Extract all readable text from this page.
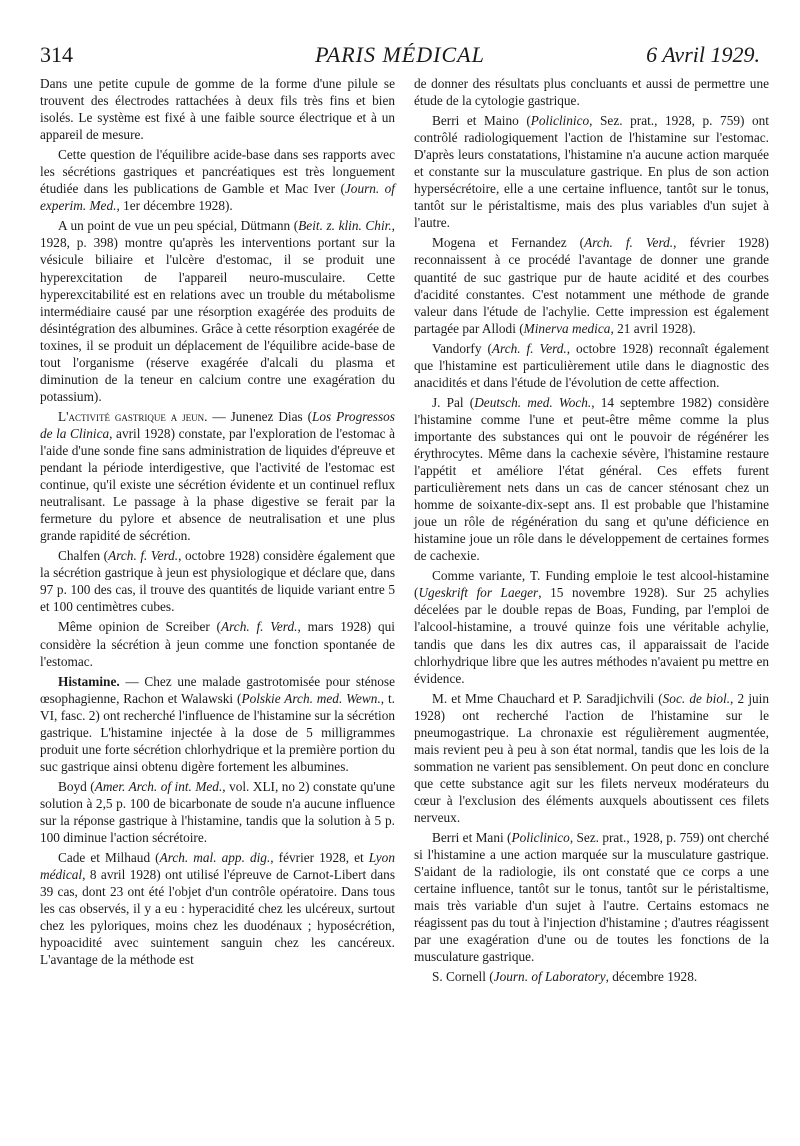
314	PARIS MÉDICAL	6 Avril 1929.

Dans une petite cupule de gomme de la forme d'une pilule se trouvent des électrodes rattachées à deux fils très fins et bien isolés. Le système est fixé à une faible source électrique et à un appareil de mesure.

Cette question de l'équilibre acide-base dans ses rapports avec les sécrétions gastriques et pancréatiques est très longuement étudiée dans les publications de Gamble et Mac Iver (Journ. of experim. Med., 1er décembre 1928).

A un point de vue un peu spécial, Dütmann (Beit. z. klin. Chir., 1928, p. 398) montre qu'après les interventions portant sur la vésicule biliaire et l'ulcère d'estomac, il se produit une hyperexcitation de l'appareil neuro-musculaire. Cette hyperexcitabilité est en relations avec un trouble du métabolisme intermédiaire causé par une résorption exagérée des produits de désintégration des albumines. Grâce à cette résorption exagérée de toxines, il se produit un déplacement de l'équilibre acide-base de tout l'organisme (réserve exagérée d'alcali du plasma et diminution de la teneur en calcium contre une exagération du potassium).

L'activité gastrique a jeun. — Junenez Dias (Los Progressos de la Clinica, avril 1928) constate, par l'exploration de l'estomac à l'aide d'une sonde fine sans administration de liquides d'épreuve et pendant la période interdigestive, que l'activité de l'estomac est continue, qu'il existe une sécrétion évidente et un continuel reflux neutralisant. Le passage à la phase digestive se ferait par la fermeture du pylore et absence de neutralisation et une plus grande rapidité de sécrétion.

Chalfen (Arch. f. Verd., octobre 1928) considère également que la sécrétion gastrique à jeun est physiologique et déclare que, dans 97 p. 100 des cas, il trouve des quantités de liquide variant entre 5 et 100 centimètres cubes.

Même opinion de Screiber (Arch. f. Verd., mars 1928) qui considère la sécrétion à jeun comme une fonction spontanée de l'estomac.

Histamine. — Chez une malade gastrotomisée pour sténose œsophagienne, Rachon et Walawski (Polskie Arch. med. Wewn., t. VI, fasc. 2) ont recherché l'influence de l'histamine sur la sécrétion gastrique. L'histamine injectée à la dose de 5 milligrammes produit une forte sécrétion chlorhydrique et la première portion du suc gastrique ainsi obtenu digère fortement les albumines.

Boyd (Amer. Arch. of int. Med., vol. XLI, no 2) constate qu'une solution à 2,5 p. 100 de bicarbonate de soude n'a aucune influence sur la réponse gastrique à l'histamine, tandis que la solution à 5 p. 100 diminue l'action sécrétoire.

Cade et Milhaud (Arch. mal. app. dig., février 1928, et Lyon médical, 8 avril 1928) ont utilisé l'épreuve de Carnot-Libert dans 39 cas, dont 23 ont été l'objet d'un contrôle opératoire. Dans tous les cas observés, il y a eu : hyperacidité chez les ulcéreux, surtout chez les pyloriques, moins chez les duodénaux ; hyposécrétion, hypoacidité avec suintement sanguin chez les cancéreux. L'avantage de la méthode est

de donner des résultats plus concluants et aussi de permettre une étude de la cytologie gastrique.

Berri et Maino (Policlinico, Sez. prat., 1928, p. 759) ont contrôlé radiologiquement l'action de l'histamine sur l'estomac. D'après leurs constatations, l'histamine n'a aucune action marquée et constante sur la musculature gastrique. En plus de son action hypersécrétoire, elle a une certaine influence, tantôt sur le tonus, tantôt sur le péristaltisme, mais des plus variables d'un sujet à l'autre.

Mogena et Fernandez (Arch. f. Verd., février 1928) reconnaissent à ce procédé l'avantage de donner une grande quantité de suc gastrique pur de haute acidité et des courbes d'acidité constantes. C'est notamment une méthode de grande valeur dans l'étude de l'achylie. Cette impression est également partagée par Allodi (Minerva medica, 21 avril 1928).

Vandorfy (Arch. f. Verd., octobre 1928) reconnaît également que l'histamine est particulièrement utile dans le diagnostic des anacidités et dans l'étude de l'évolution de cette affection.

J. Pal (Deutsch. med. Woch., 14 septembre 1982) considère l'histamine comme l'une et peut-être même comme la plus importante des substances qui ont le pouvoir de régénérer les érythrocytes. Même dans la cachexie sévère, l'histamine restaure l'appétit et améliore l'état général. Ces effets furent particulièrement nets dans un cas de cancer sténosant chez un homme de soixante-dix-sept ans. Il est probable que l'histamine joue un rôle de régénération du sang et qu'une déficience en histamine joue un rôle dans le développement de certaines formes de cachexie.

Comme variante, T. Funding emploie le test alcool-histamine (Ugeskrift for Laeger, 15 novembre 1928). Sur 25 achylies décelées par le double repas de Boas, Funding, par l'emploi de l'alcool-histamine, a trouvé quinze fois une véritable achylie, tandis que dans les dix autres cas, il apparaissait de l'acide chlorhydrique libre que les autres méthodes n'avaient pu mettre en évidence.

M. et Mme Chauchard et P. Saradjichvili (Soc. de biol., 2 juin 1928) ont recherché l'action de l'histamine sur le pneumogastrique. La chronaxie est régulièrement augmentée, mais revient peu à peu à son état normal, tandis que les lois de la sommation ne varient pas sensiblement. On peut donc en conclure que cette substance agit sur les filets nerveux modérateurs du cœur à l'exclusion des éléments auxquels aboutissent ces filets nerveux.

Berri et Mani (Policlinico, Sez. prat., 1928, p. 759) ont cherché si l'histamine a une action marquée sur la musculature gastrique. S'aidant de la radiologie, ils ont constaté que ce corps a une certaine influence, tantôt sur le tonus, tantôt sur le péristaltisme, mais très variable d'un sujet à l'autre. Certains estomacs ne réagissent pas du tout à l'injection d'histamine ; d'autres réagissent par une exagération d'une ou de toutes les fonctions de la musculature gastrique.

S. Cornell (Journ. of Laboratory, décembre 1928.
